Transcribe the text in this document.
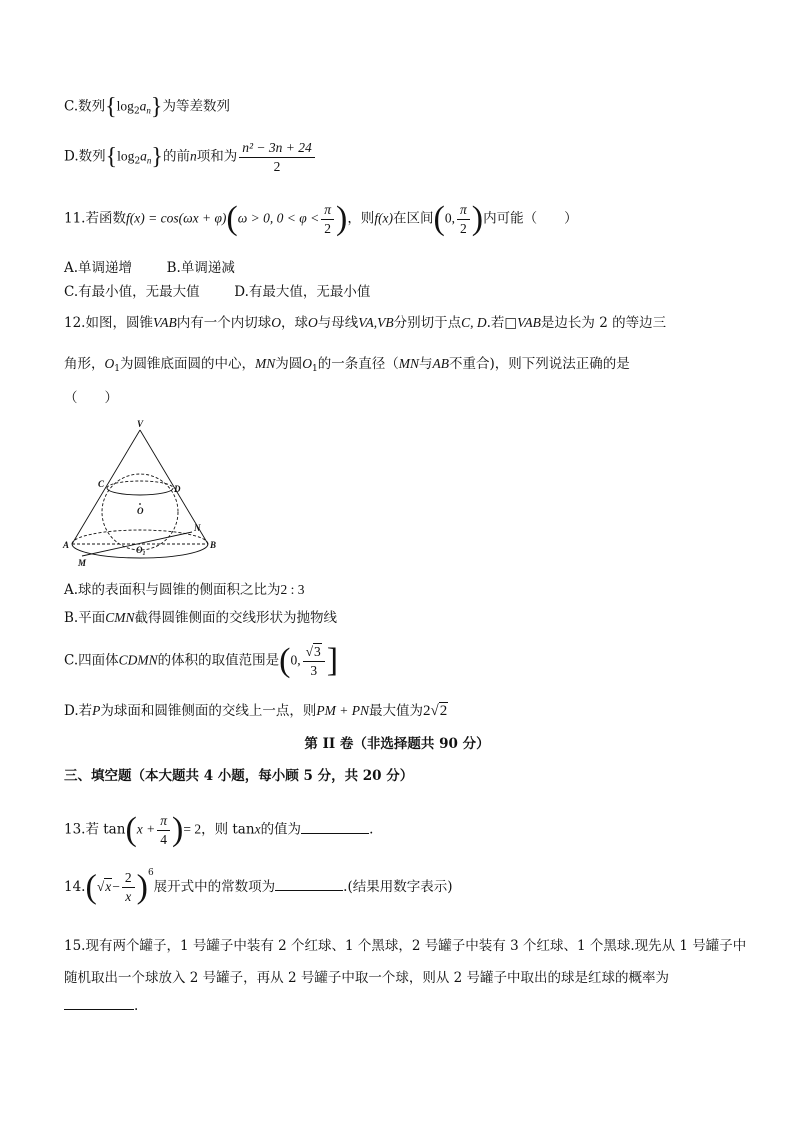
C.数列$\{\log_2a_n\}$为等差数列
D.数列$\{\log_2a_n\}$的前n项和为 $\frac{\text{n² − 3n + 24}}{2}$
11.若函数f(x) = cos(ωx + φ)(ω > 0, $0 < \varphi < \frac{\pi}{2}$ )，则f(x)在区间(0, $\frac{\pi}{2}$ )内可能（　　）
A.单调递增	B.单调递减
C.有最小值，无最大值	D.有最大值，无最小值
12.如图，圆锥VAB内有一个内切球O，球O与母线VA,VB分别切于点C, D.若□VAB是边长为 2 的等边三
角形，$O_1$为圆锥底面圆的中心，MN为圆$O_1$的一条直径（MN与AB不重合)，则下列说法正确的是
（　　）
V
C	D
O
N
A	B
$O_1$
M
A.球的表面积与圆锥的侧面积之比为2 : 3
B.平面CMN截得圆锥侧面的交线形状为抛物线
C.四面体CDMN的体积的取值范围是(0, $\frac{√3}{3}$ ]
D.若P为球面和圆锥侧面的交线上一点，则PM + PN最大值为2√2
第 II 卷（非选择题共 90 分）
三、填空题（本大题共 4 小题，每小顾 5 分，共 20 分）
13.若 $\tan(x + \frac{\pi}{4}$ )= 2，则 tanx的值为	.
$14.(√x- \frac{2}{x} )^6$展开式中的常数项为	.(结果用数字表示)
15.现有两个罐子，1 号罐子中装有 2 个红球、1 个黑球，2 号罐子中装有 3 个红球、1 个黑球.现先从 1 号罐子中
随机取出一个球放入 2 号罐子，再从 2 号罐子中取一个球，则从 2 号罐子中取出的球是红球的概率为
.
